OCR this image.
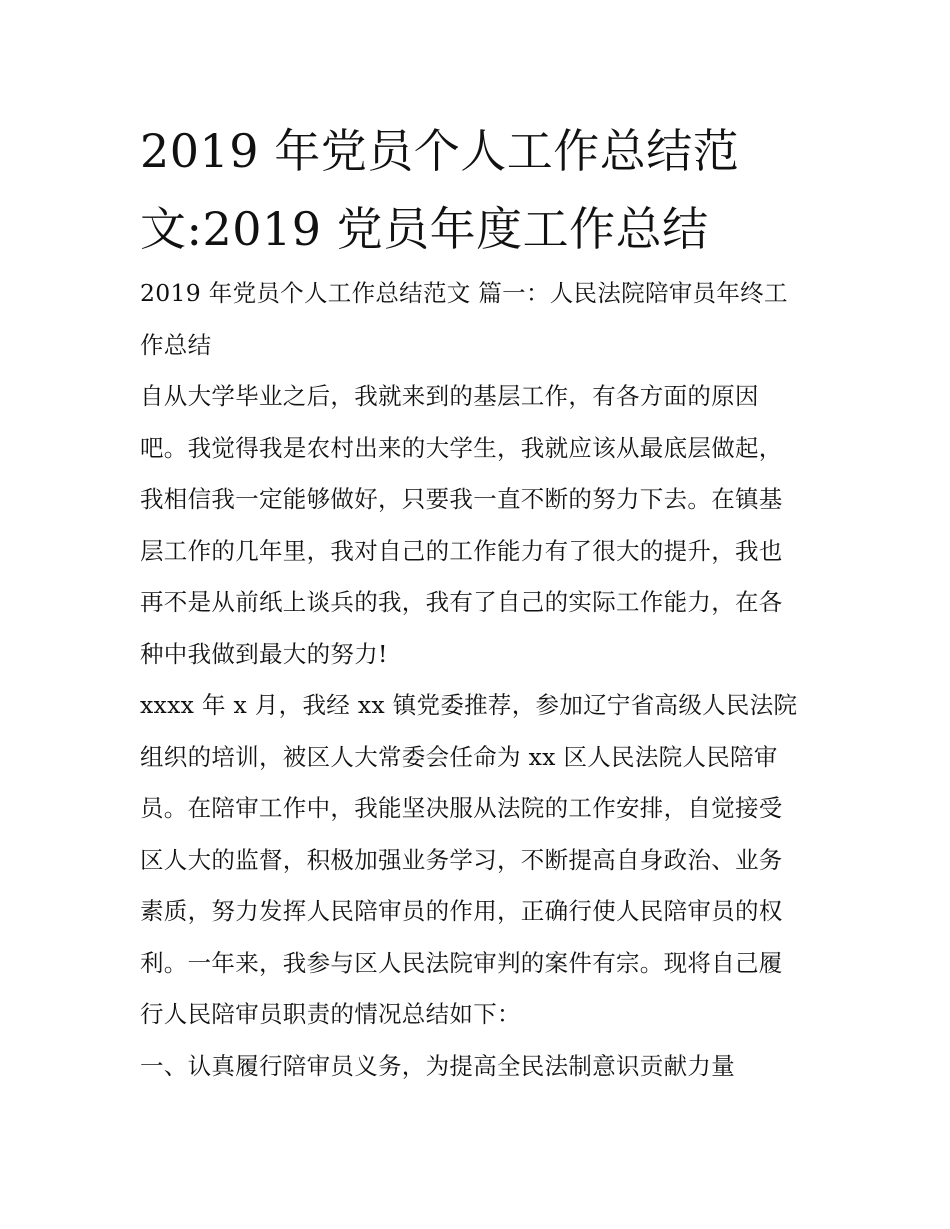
2019 年党员个人工作总结范
文:2019 党员年度工作总结

2019 年党员个人工作总结范文 篇一：人民法院陪审员年终工
作总结

自从大学毕业之后，我就来到的基层工作，有各方面的原因
吧。我觉得我是农村出来的大学生，我就应该从最底层做起，
我相信我一定能够做好，只要我一直不断的努力下去。在镇基
层工作的几年里，我对自己的工作能力有了很大的提升，我也
再不是从前纸上谈兵的我，我有了自己的实际工作能力，在各
种中我做到最大的努力!

xxxx 年 x 月，我经 xx 镇党委推荐，参加辽宁省高级人民法院
组织的培训，被区人大常委会任命为 xx 区人民法院人民陪审
员。在陪审工作中，我能坚决服从法院的工作安排，自觉接受
区人大的监督，积极加强业务学习，不断提高自身政治、业务
素质，努力发挥人民陪审员的作用，正确行使人民陪审员的权
利。一年来，我参与区人民法院审判的案件有宗。现将自己履
行人民陪审员职责的情况总结如下：

一、认真履行陪审员义务，为提高全民法制意识贡献力量
